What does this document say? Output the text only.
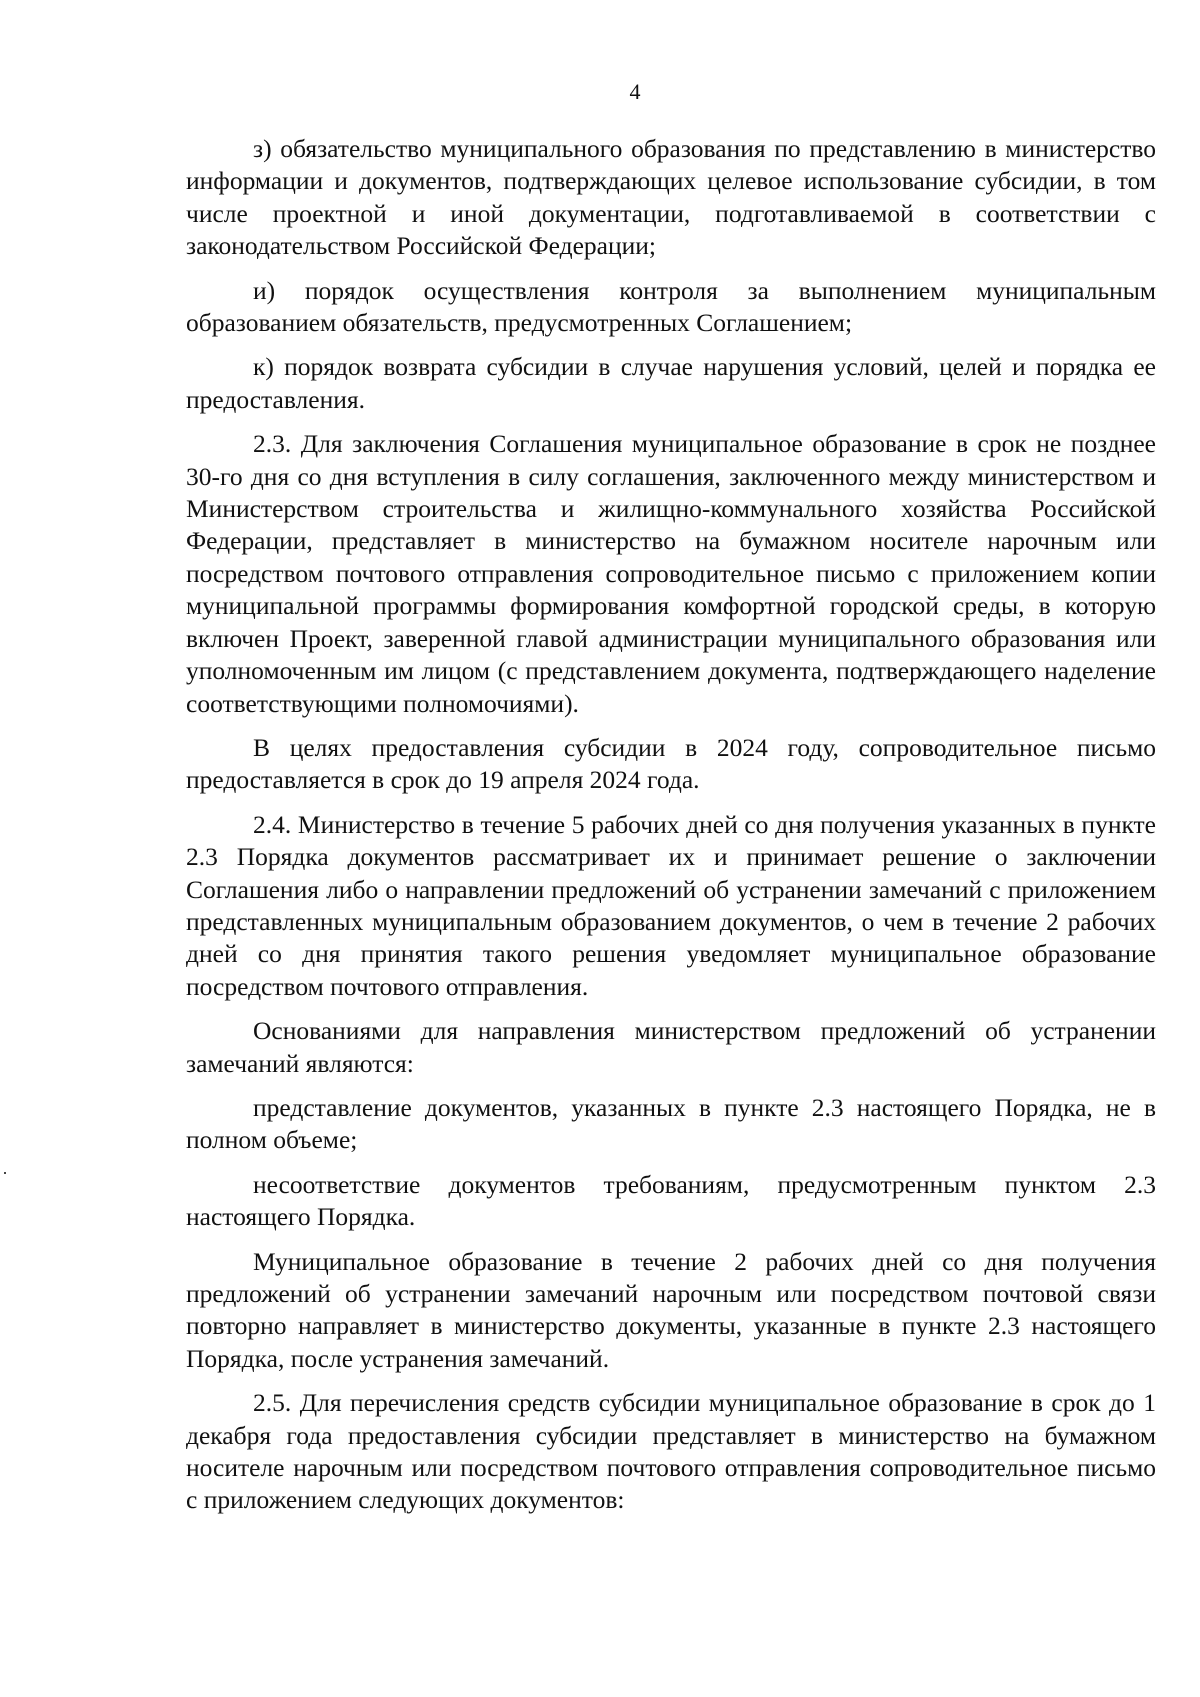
4

з) обязательство муниципального образования по представлению в министерство информации и документов, подтверждающих целевое использование субсидии, в том числе проектной и иной документации, подготавливаемой в соответствии с законодательством Российской Федерации;

и) порядок осуществления контроля за выполнением муниципальным образованием обязательств, предусмотренных Соглашением;

к) порядок возврата субсидии в случае нарушения условий, целей и порядка ее предоставления.

2.3. Для заключения Соглашения муниципальное образование в срок не позднее 30-го дня со дня вступления в силу соглашения, заключенного между министерством и Министерством строительства и жилищно-коммунального хозяйства Российской Федерации, представляет в министерство на бумажном носителе нарочным или посредством почтового отправления сопроводительное письмо с приложением копии муниципальной программы формирования комфортной городской среды, в которую включен Проект, заверенной главой администрации муниципального образования или уполномоченным им лицом (с представлением документа, подтверждающего наделение соответствующими полномочиями).

В целях предоставления субсидии в 2024 году, сопроводительное письмо предоставляется в срок до 19 апреля 2024 года.

2.4. Министерство в течение 5 рабочих дней со дня получения указанных в пункте 2.3 Порядка документов рассматривает их и принимает решение о заключении Соглашения либо о направлении предложений об устранении замечаний с приложением представленных муниципальным образованием документов, о чем в течение 2 рабочих дней со дня принятия такого решения уведомляет муниципальное образование посредством почтового отправления.

Основаниями для направления министерством предложений об устранении замечаний являются:

представление документов, указанных в пункте 2.3 настоящего Порядка, не в полном объеме;

несоответствие документов требованиям, предусмотренным пунктом 2.3 настоящего Порядка.

Муниципальное образование в течение 2 рабочих дней со дня получения предложений об устранении замечаний нарочным или посредством почтовой связи повторно направляет в министерство документы, указанные в пункте 2.3 настоящего Порядка, после устранения замечаний.

2.5. Для перечисления средств субсидии муниципальное образование в срок до 1 декабря года предоставления субсидии представляет в министерство на бумажном носителе нарочным или посредством почтового отправления сопроводительное письмо с приложением следующих документов:
